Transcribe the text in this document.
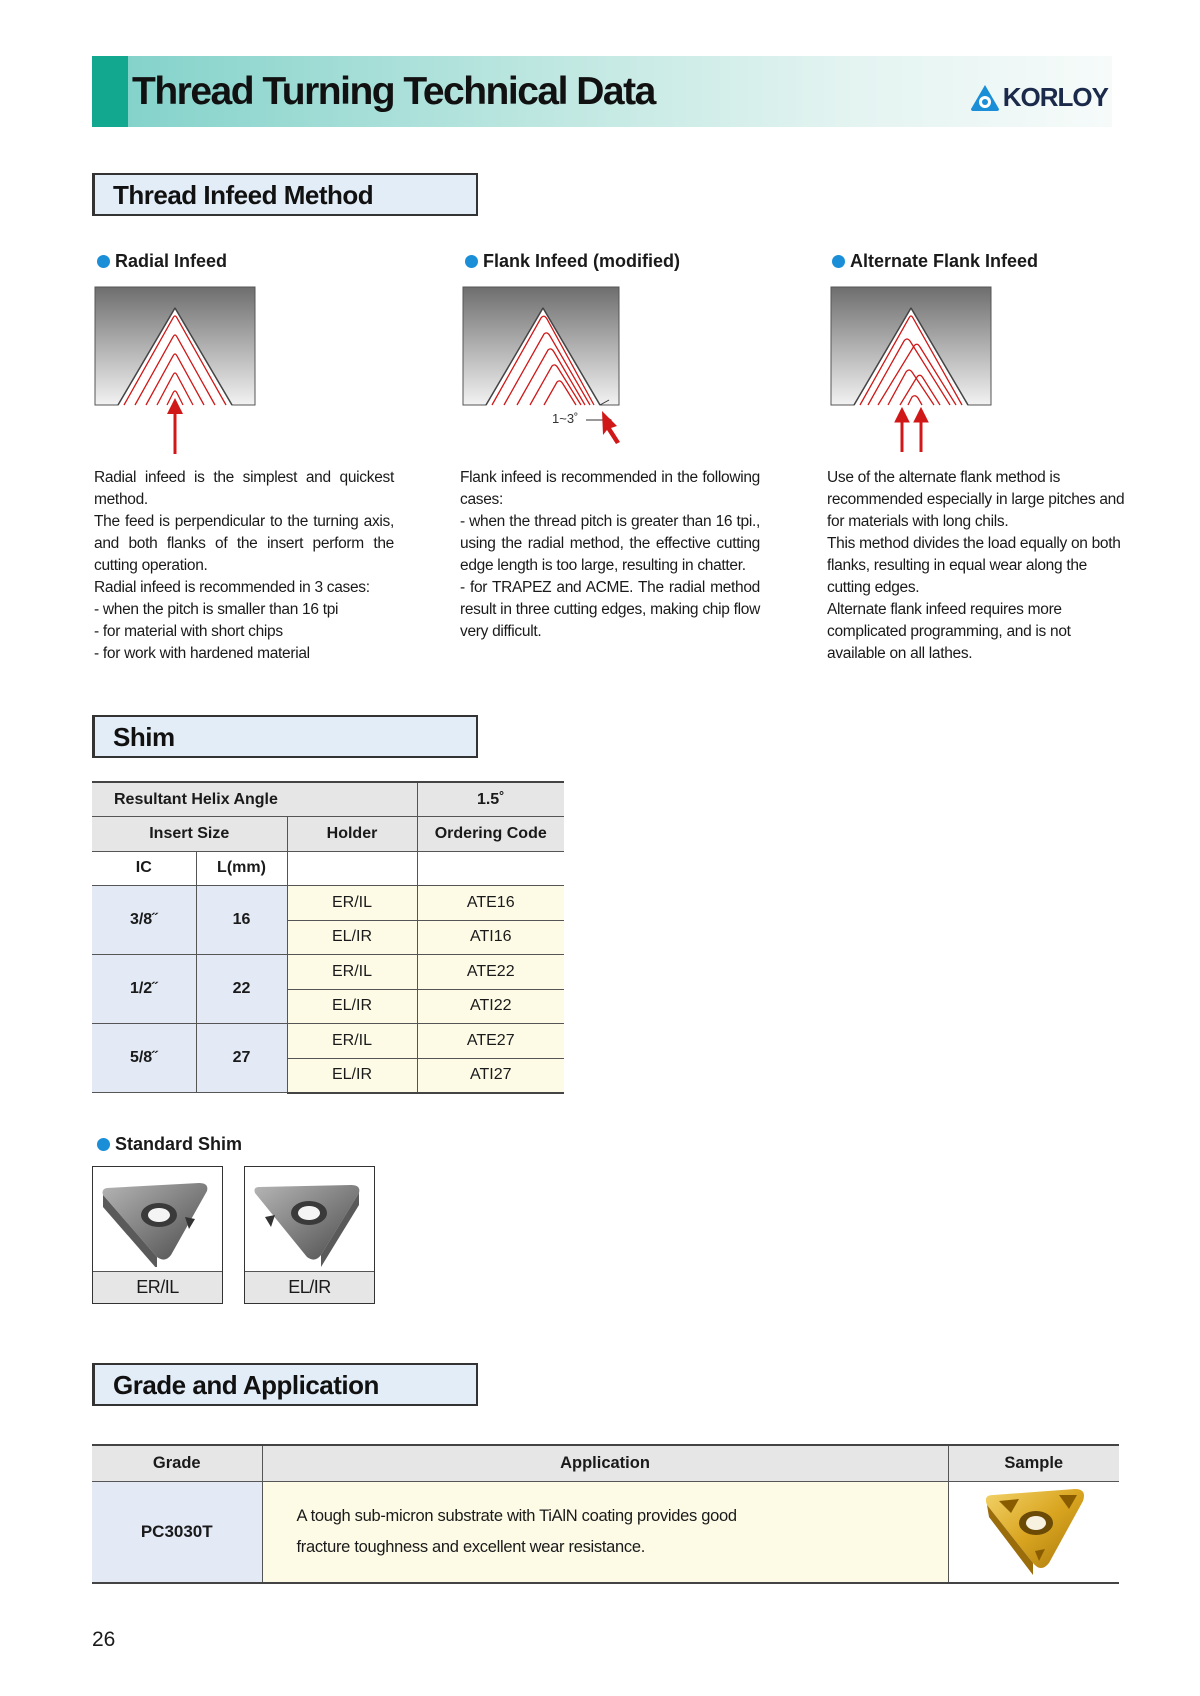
Thread Turning Technical Data	KORLOY
Thread Infeed Method
Radial Infeed	Flank Infeed (modified)	Alternate Flank Infeed
1~3˚

Radial infeed is the simplest and quickest method.

The feed is perpendicular to the turning axis, and both flanks of the insert perform the cutting operation.

Radial infeed is recommended in 3 cases:

- when the pitch is smaller than 16 tpi

- for material with short chips

- for work with hardened material

Flank infeed is recommended in the following cases:

- when the thread pitch is greater than 16 tpi., using the radial method, the effective cutting edge length is too large, resulting in chatter.

- for TRAPEZ and ACME. The radial method result in three cutting edges, making chip flow very difficult.

Use of the alternate flank method is recommended especially in large pitches and for materials with long chils.

This method divides the load equally on both flanks, resulting in equal wear along the cutting edges.

Alternate flank infeed requires more complicated programming, and is not available on all lathes.

Shim
Resultant Helix Angle			1.5˚
Insert Size		Holder	Ordering Code
IC	L(mm)		
3/8˝	16	ER/IL	ATE16
		EL/IR	ATI16
1/2˝	22	ER/IL	ATE22
		EL/IR	ATI22
5/8˝	27	ER/IL	ATE27
		EL/IR	ATI27
Standard Shim
ER/IL	EL/IR
Grade and Application
Grade	Application	Sample
PC3030T	A tough sub-micron substrate with TiAlN coating provides good
fracture toughness and excellent wear resistance.

26
